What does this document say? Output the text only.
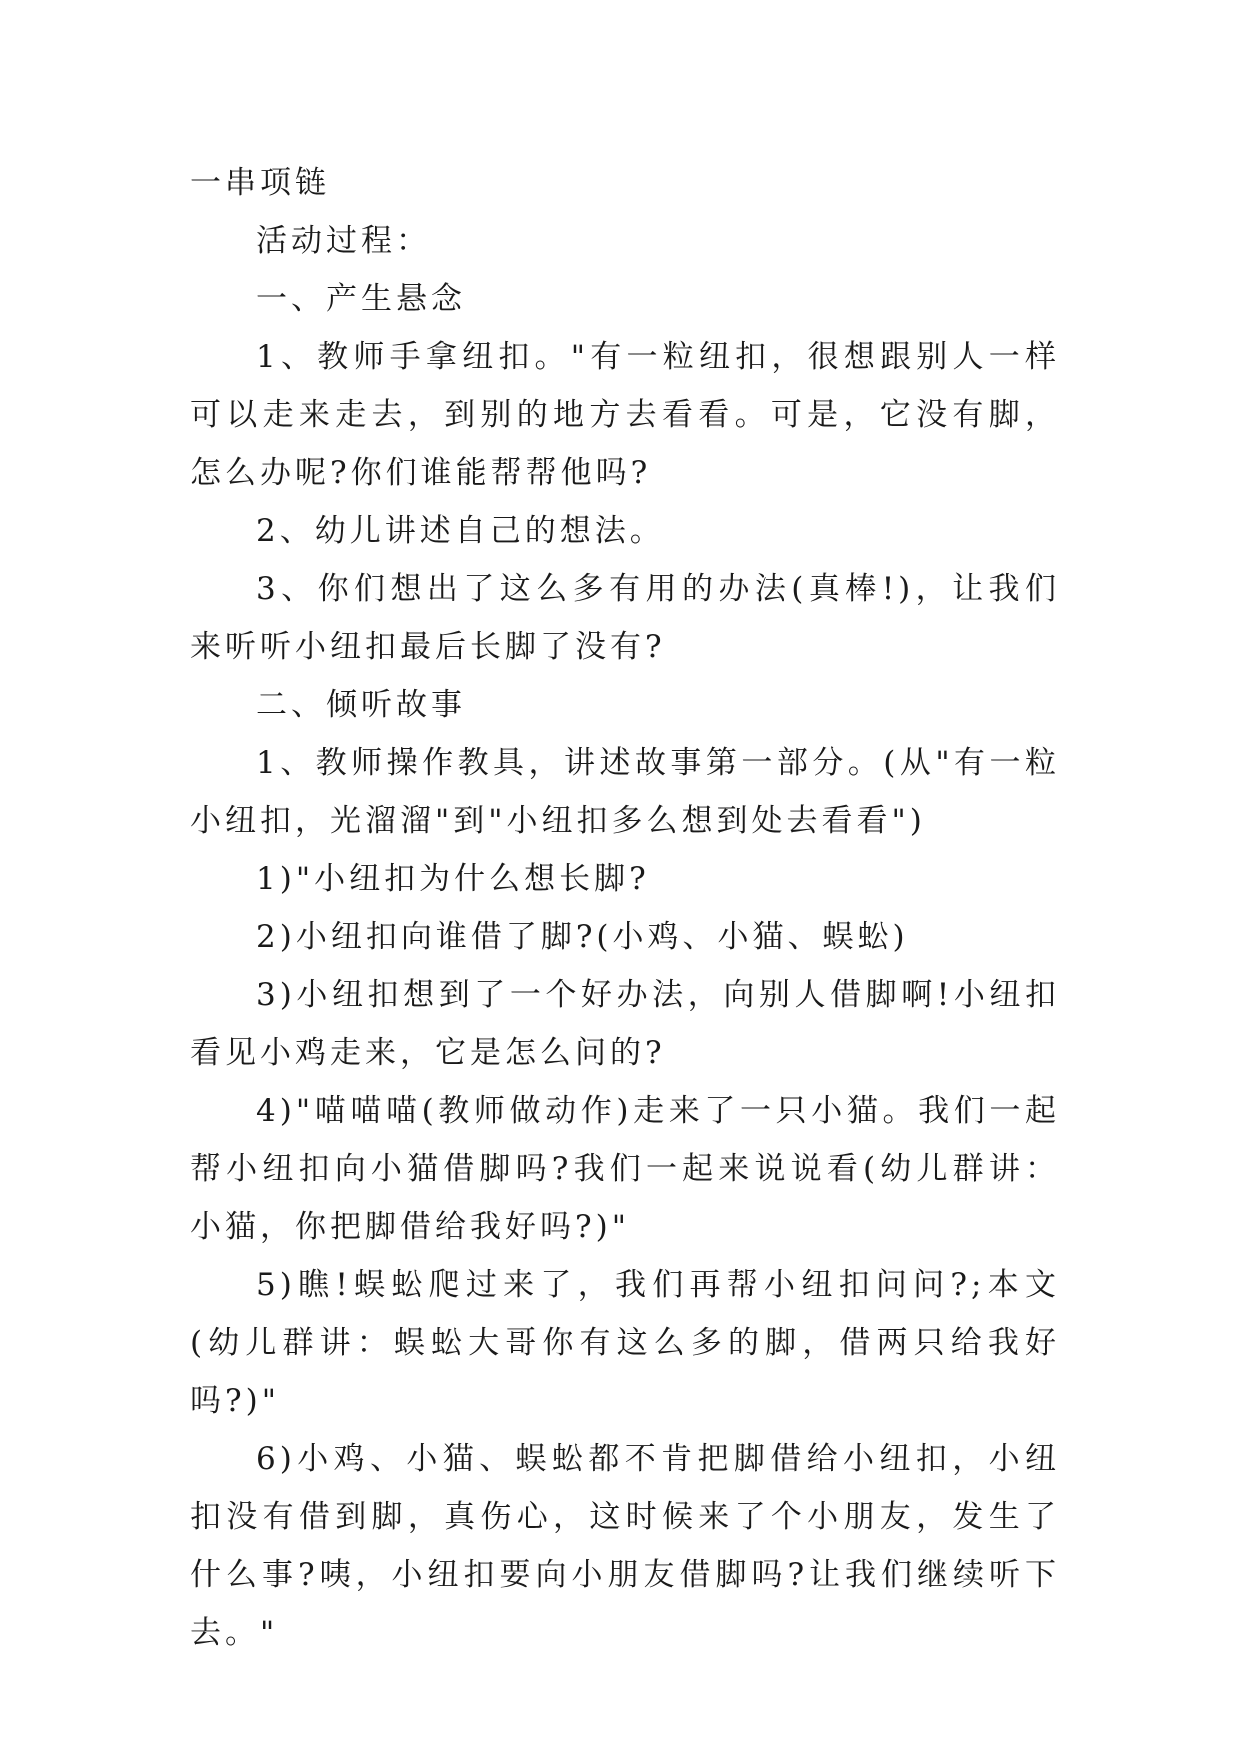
一串项链

活动过程：

一、产生悬念

1、教师手拿纽扣。"有一粒纽扣，很想跟别人一样可以走来走去，到别的地方去看看。可是，它没有脚，怎么办呢?你们谁能帮帮他吗?

2、幼儿讲述自己的想法。

3、你们想出了这么多有用的办法(真棒!)，让我们来听听小纽扣最后长脚了没有?

二、倾听故事

1、教师操作教具，讲述故事第一部分。(从"有一粒小纽扣，光溜溜"到"小纽扣多么想到处去看看")

1)"小纽扣为什么想长脚?

2)小纽扣向谁借了脚?(小鸡、小猫、蜈蚣)

3)小纽扣想到了一个好办法，向别人借脚啊!小纽扣看见小鸡走来，它是怎么问的?

4)"喵喵喵(教师做动作)走来了一只小猫。我们一起帮小纽扣向小猫借脚吗?我们一起来说说看(幼儿群讲：小猫，你把脚借给我好吗?)"

5)瞧!蜈蚣爬过来了，我们再帮小纽扣问问?;本文(幼儿群讲：蜈蚣大哥你有这么多的脚，借两只给我好吗?)"

6)小鸡、小猫、蜈蚣都不肯把脚借给小纽扣，小纽扣没有借到脚，真伤心，这时候来了个小朋友，发生了什么事?咦，小纽扣要向小朋友借脚吗?让我们继续听下去。"
